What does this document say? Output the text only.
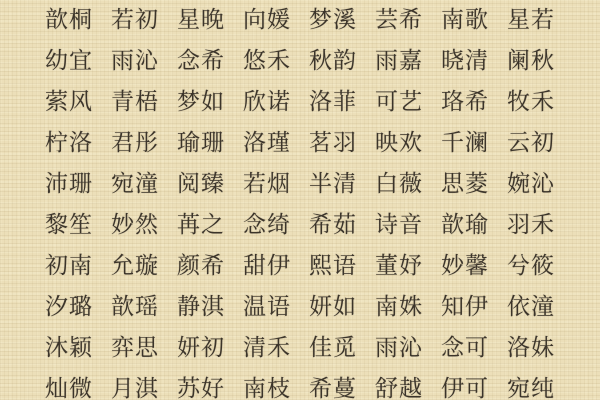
歆桐 若初 星晚 向媛 梦溪 芸希 南歌 星若
幼宜 雨沁 念希 悠禾 秋韵 雨嘉 晓清 阑秋
萦风 青梧 梦如 欣诺 洛菲 可艺 珞希 牧禾
柠洛 君彤 瑜珊 洛瑾 茗羽 映欢 千澜 云初
沛珊 宛潼 阅臻 若烟 半清 白薇 思菱 婉沁
黎笙 妙然 苒之 念绮 希茹 诗音 歆瑜 羽禾
初南 允璇 颜希 甜伊 熙语 董妤 妙馨 兮筱
汐璐 歆瑶 静淇 温语 妍如 南姝 知伊 依潼
沐颖 弈思 妍初 清禾 佳觅 雨沁 念可 洛妹
灿微 月淇 苏好 南枝 希蔓 舒越 伊可 宛纯
